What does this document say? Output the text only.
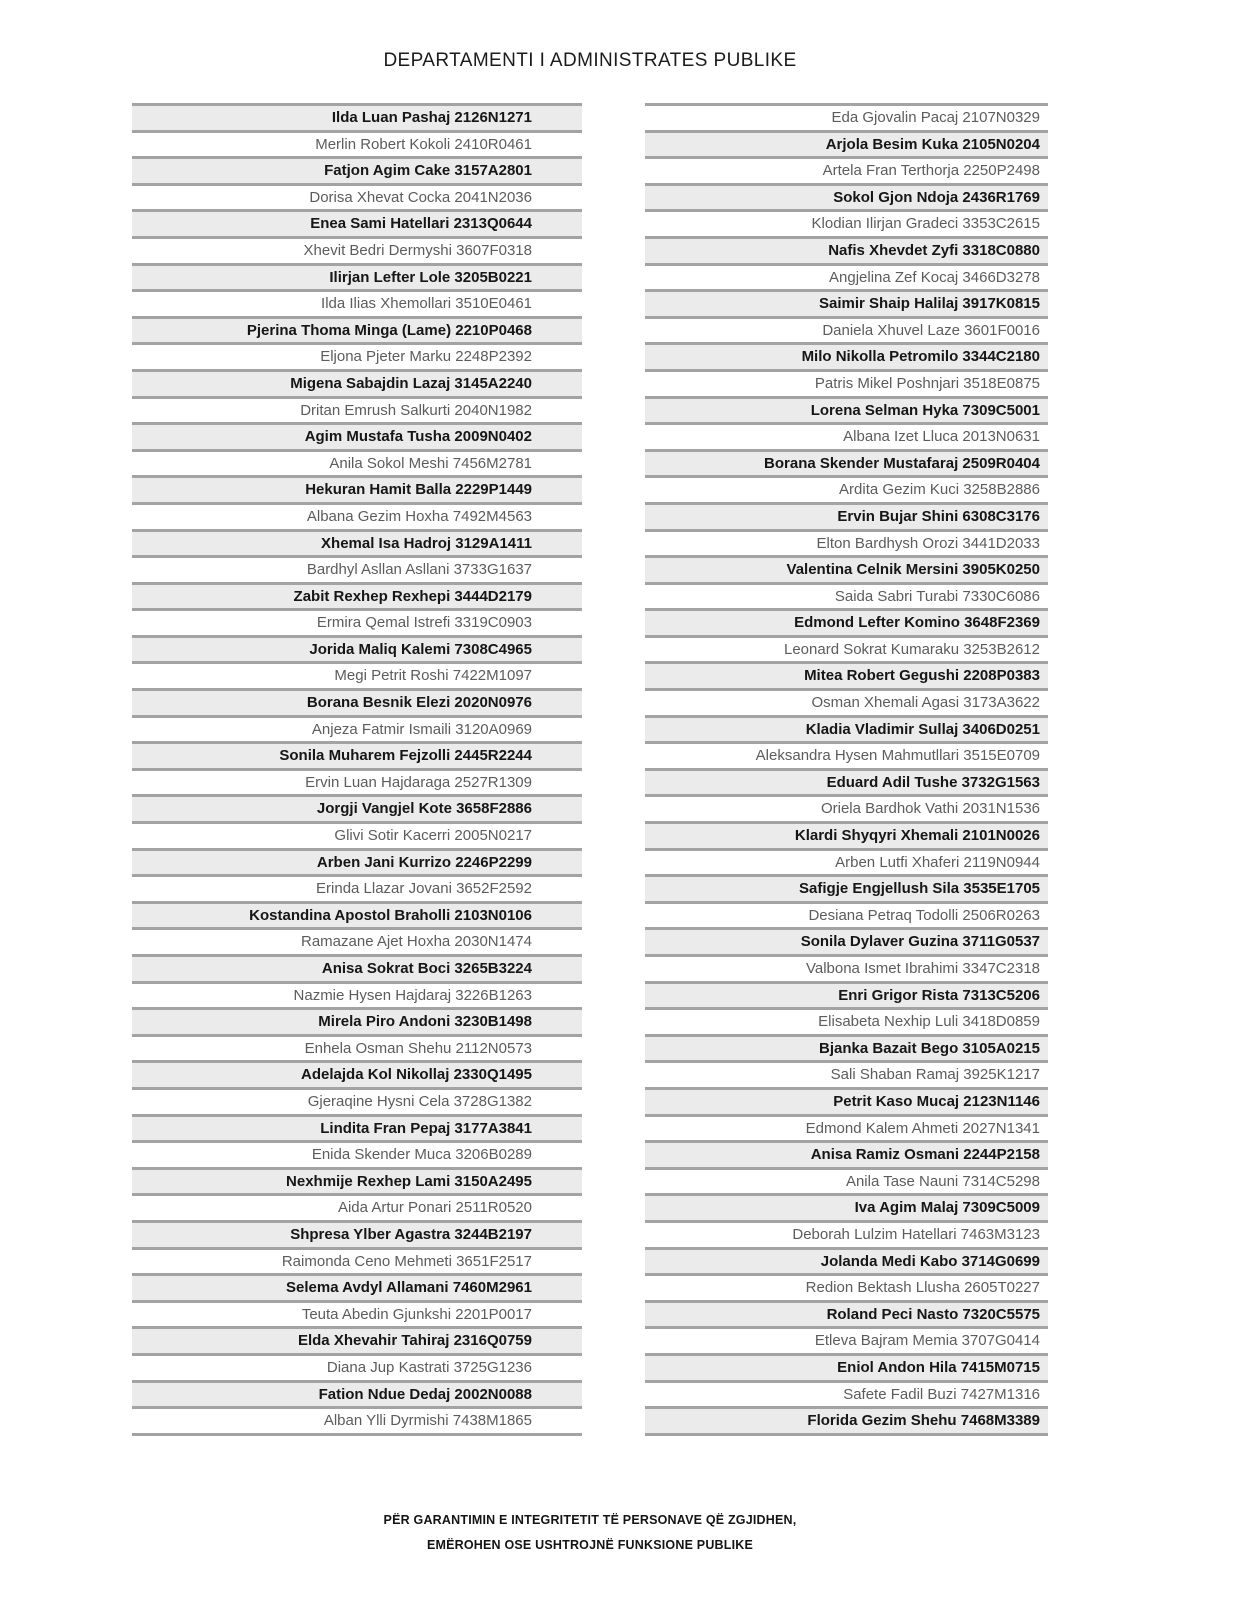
DEPARTAMENTI I ADMINISTRATES PUBLIKE
Ilda Luan Pashaj 2126N1271
Merlin Robert Kokoli 2410R0461
Fatjon Agim Cake 3157A2801
Dorisa Xhevat Cocka 2041N2036
Enea Sami Hatellari 2313Q0644
Xhevit Bedri Dermyshi 3607F0318
Ilirjan Lefter Lole 3205B0221
Ilda Ilias Xhemollari 3510E0461
Pjerina Thoma Minga (Lame) 2210P0468
Eljona Pjeter Marku 2248P2392
Migena Sabajdin Lazaj 3145A2240
Dritan Emrush Salkurti 2040N1982
Agim Mustafa Tusha 2009N0402
Anila Sokol Meshi 7456M2781
Hekuran Hamit Balla 2229P1449
Albana Gezim Hoxha 7492M4563
Xhemal Isa Hadroj 3129A1411
Bardhyl Asllan Asllani 3733G1637
Zabit Rexhep Rexhepi 3444D2179
Ermira Qemal Istrefi 3319C0903
Jorida Maliq Kalemi 7308C4965
Megi Petrit Roshi 7422M1097
Borana Besnik Elezi 2020N0976
Anjeza Fatmir Ismaili 3120A0969
Sonila Muharem Fejzolli 2445R2244
Ervin Luan Hajdaraga 2527R1309
Jorgji Vangjel Kote 3658F2886
Glivi Sotir Kacerri 2005N0217
Arben Jani Kurrizo 2246P2299
Erinda Llazar Jovani 3652F2592
Kostandina Apostol Braholli 2103N0106
Ramazane Ajet Hoxha 2030N1474
Anisa Sokrat Boci 3265B3224
Nazmie Hysen Hajdaraj 3226B1263
Mirela Piro Andoni 3230B1498
Enhela Osman Shehu 2112N0573
Adelajda Kol Nikollaj 2330Q1495
Gjeraqine Hysni Cela 3728G1382
Lindita Fran Pepaj 3177A3841
Enida Skender Muca 3206B0289
Nexhmije Rexhep Lami 3150A2495
Aida Artur Ponari 2511R0520
Shpresa Ylber Agastra 3244B2197
Raimonda Ceno Mehmeti 3651F2517
Selema Avdyl Allamani 7460M2961
Teuta Abedin Gjunkshi 2201P0017
Elda Xhevahir Tahiraj 2316Q0759
Diana Jup Kastrati 3725G1236
Fation Ndue Dedaj 2002N0088
Alban Ylli Dyrmishi 7438M1865
Eda Gjovalin Pacaj 2107N0329
Arjola Besim Kuka 2105N0204
Artela Fran Terthorja 2250P2498
Sokol Gjon Ndoja 2436R1769
Klodian Ilirjan Gradeci 3353C2615
Nafis Xhevdet Zyfi 3318C0880
Angjelina Zef Kocaj 3466D3278
Saimir Shaip Halilaj 3917K0815
Daniela Xhuvel Laze 3601F0016
Milo Nikolla Petromilo 3344C2180
Patris Mikel Poshnjari 3518E0875
Lorena Selman Hyka 7309C5001
Albana Izet Lluca 2013N0631
Borana Skender Mustafaraj 2509R0404
Ardita Gezim Kuci 3258B2886
Ervin Bujar Shini 6308C3176
Elton Bardhysh Orozi 3441D2033
Valentina Celnik Mersini 3905K0250
Saida Sabri Turabi 7330C6086
Edmond Lefter Komino 3648F2369
Leonard Sokrat Kumaraku 3253B2612
Mitea Robert Gegushi 2208P0383
Osman Xhemali Agasi 3173A3622
Kladia Vladimir Sullaj 3406D0251
Aleksandra Hysen Mahmutllari 3515E0709
Eduard Adil Tushe 3732G1563
Oriela Bardhok Vathi 2031N1536
Klardi Shyqyri Xhemali 2101N0026
Arben Lutfi Xhaferi 2119N0944
Safigje Engjellush Sila 3535E1705
Desiana Petraq Todolli 2506R0263
Sonila Dylaver Guzina 3711G0537
Valbona Ismet Ibrahimi 3347C2318
Enri Grigor Rista 7313C5206
Elisabeta Nexhip Luli 3418D0859
Bjanka Bazait Bego 3105A0215
Sali Shaban Ramaj 3925K1217
Petrit Kaso Mucaj 2123N1146
Edmond Kalem Ahmeti 2027N1341
Anisa Ramiz Osmani 2244P2158
Anila Tase Nauni 7314C5298
Iva Agim Malaj 7309C5009
Deborah Lulzim Hatellari 7463M3123
Jolanda Medi Kabo 3714G0699
Redion Bektash Llusha 2605T0227
Roland Peci Nasto 7320C5575
Etleva Bajram Memia 3707G0414
Eniol Andon Hila 7415M0715
Safete Fadil Buzi 7427M1316
Florida Gezim Shehu 7468M3389
PËR GARANTIMIN E INTEGRITETIT TË PERSONAVE QË ZGJIDHEN,
EMËROHEN OSE USHTROJNË FUNKSIONE PUBLIKE
